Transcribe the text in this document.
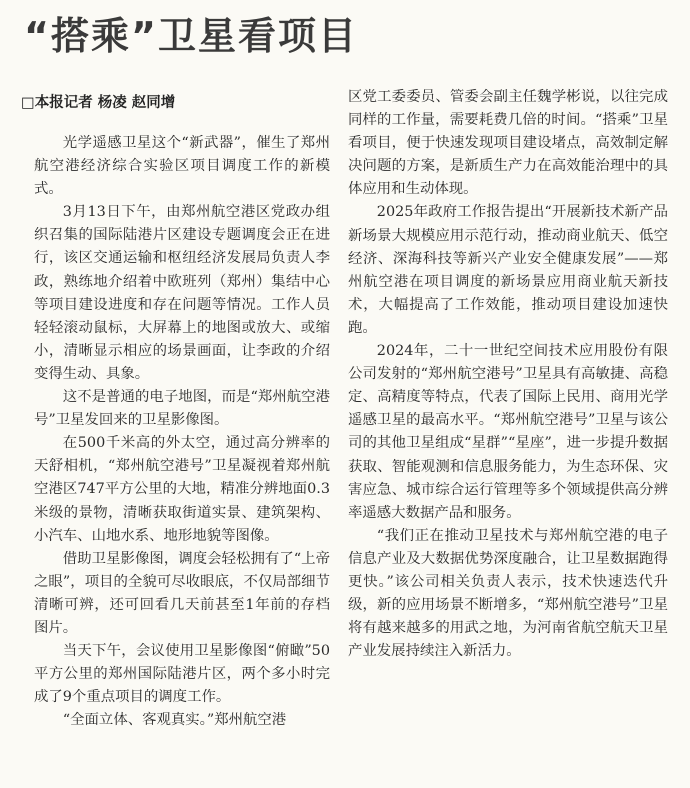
“搭乘”卫星看项目
□本报记者 杨凌 赵同增

光学遥感卫星这个“新武器”，催生了郑州航空港经济综合实验区项目调度工作的新模式。

3月13日下午，由郑州航空港区党政办组织召集的国际陆港片区建设专题调度会正在进行，该区交通运输和枢纽经济发展局负责人李政，熟练地介绍着中欧班列（郑州）集结中心等项目建设进度和存在问题等情况。工作人员轻轻滚动鼠标，大屏幕上的地图或放大、或缩小，清晰显示相应的场景画面，让李政的介绍变得生动、具象。

这不是普通的电子地图，而是“郑州航空港号”卫星发回来的卫星影像图。

在500千米高的外太空，通过高分辨率的天舒相机，“郑州航空港号”卫星凝视着郑州航空港区747平方公里的大地，精准分辨地面0.3米级的景物，清晰获取街道实景、建筑架构、小汽车、山地水系、地形地貌等图像。

借助卫星影像图，调度会轻松拥有了“上帝之眼”，项目的全貌可尽收眼底，不仅局部细节清晰可辨，还可回看几天前甚至1年前的存档图片。

当天下午，会议使用卫星影像图“俯瞰”50平方公里的郑州国际陆港片区，两个多小时完成了9个重点项目的调度工作。

“全面立体、客观真实。”郑州航空港

区党工委委员、管委会副主任魏学彬说，以往完成同样的工作量，需要耗费几倍的时间。“搭乘”卫星看项目，便于快速发现项目建设堵点，高效制定解决问题的方案，是新质生产力在高效能治理中的具体应用和生动体现。

2025年政府工作报告提出“开展新技术新产品新场景大规模应用示范行动，推动商业航天、低空经济、深海科技等新兴产业安全健康发展”——郑州航空港在项目调度的新场景应用商业航天新技术，大幅提高了工作效能，推动项目建设加速快跑。

2024年，二十一世纪空间技术应用股份有限公司发射的“郑州航空港号”卫星具有高敏捷、高稳定、高精度等特点，代表了国际上民用、商用光学遥感卫星的最高水平。“郑州航空港号”卫星与该公司的其他卫星组成“星群”“星座”，进一步提升数据获取、智能观测和信息服务能力，为生态环保、灾害应急、城市综合运行管理等多个领域提供高分辨率遥感大数据产品和服务。

“我们正在推动卫星技术与郑州航空港的电子信息产业及大数据优势深度融合，让卫星数据跑得更快。”该公司相关负责人表示，技术快速迭代升级，新的应用场景不断增多，“郑州航空港号”卫星将有越来越多的用武之地，为河南省航空航天卫星产业发展持续注入新活力。
